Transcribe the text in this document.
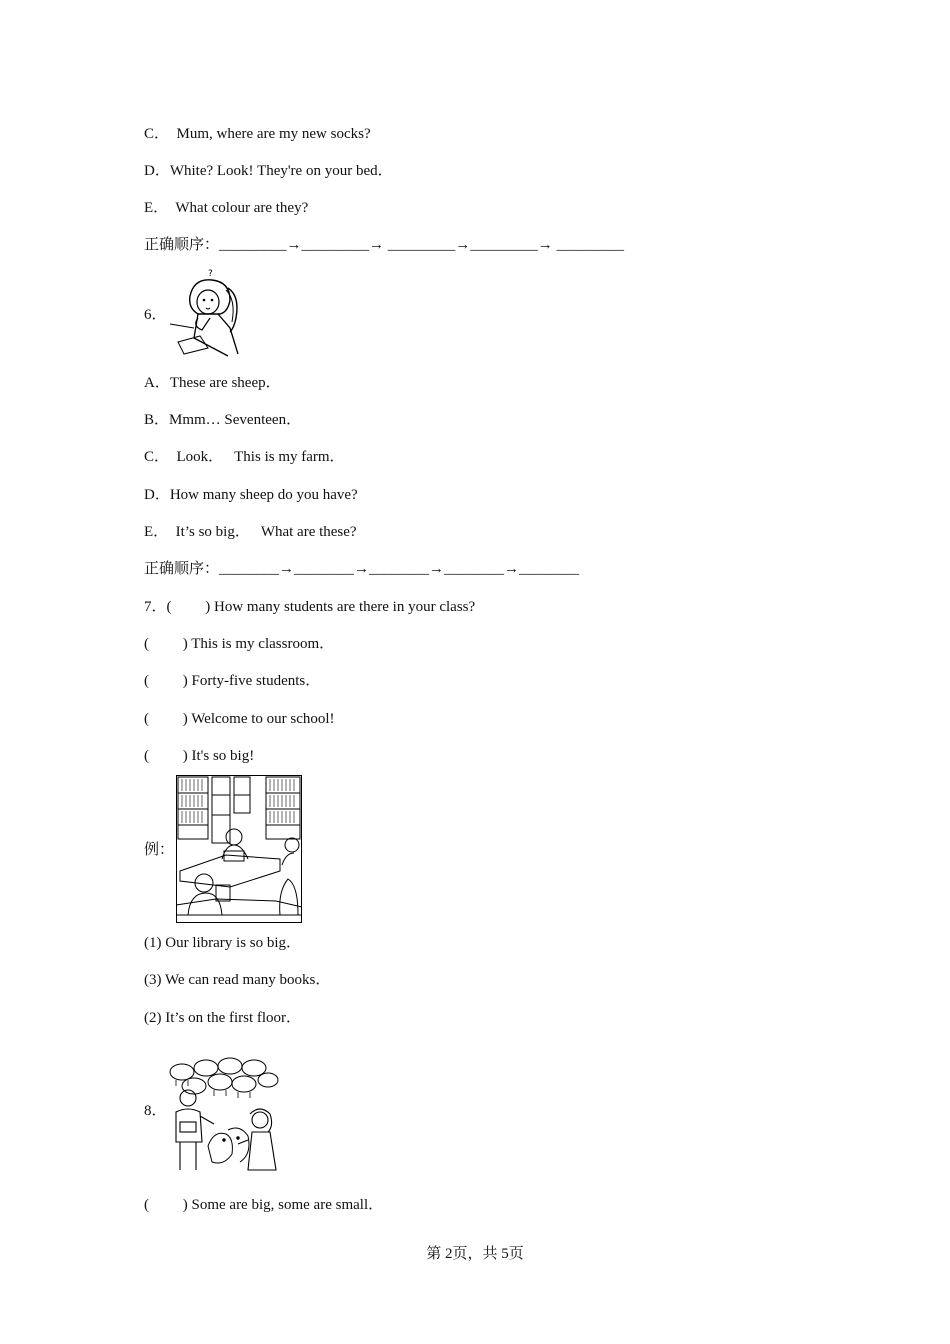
C．  Mum, where are my new socks?
D．White? Look! They're on your bed．
E．  What colour are they?
正确顺序：_________→_________→ _________→_________→ _________
6．
?
A．These are sheep．
B．Mmm… Seventeen．
C．  Look．   This is my farm．
D．How many sheep do you have?
E．  It’s so big．   What are these?
正确顺序：________→________→________→________→________
7．(         ) How many students are there in your class?
(         ) This is my classroom．
(         ) Forty-five students．
(         ) Welcome to our school!
(         ) It's so big!
例：
(1) Our library is so big．
(3) We can read many books．
(2) It’s on the first floor．
8．
(         ) Some are big, some are small．
第 2页，共 5页
